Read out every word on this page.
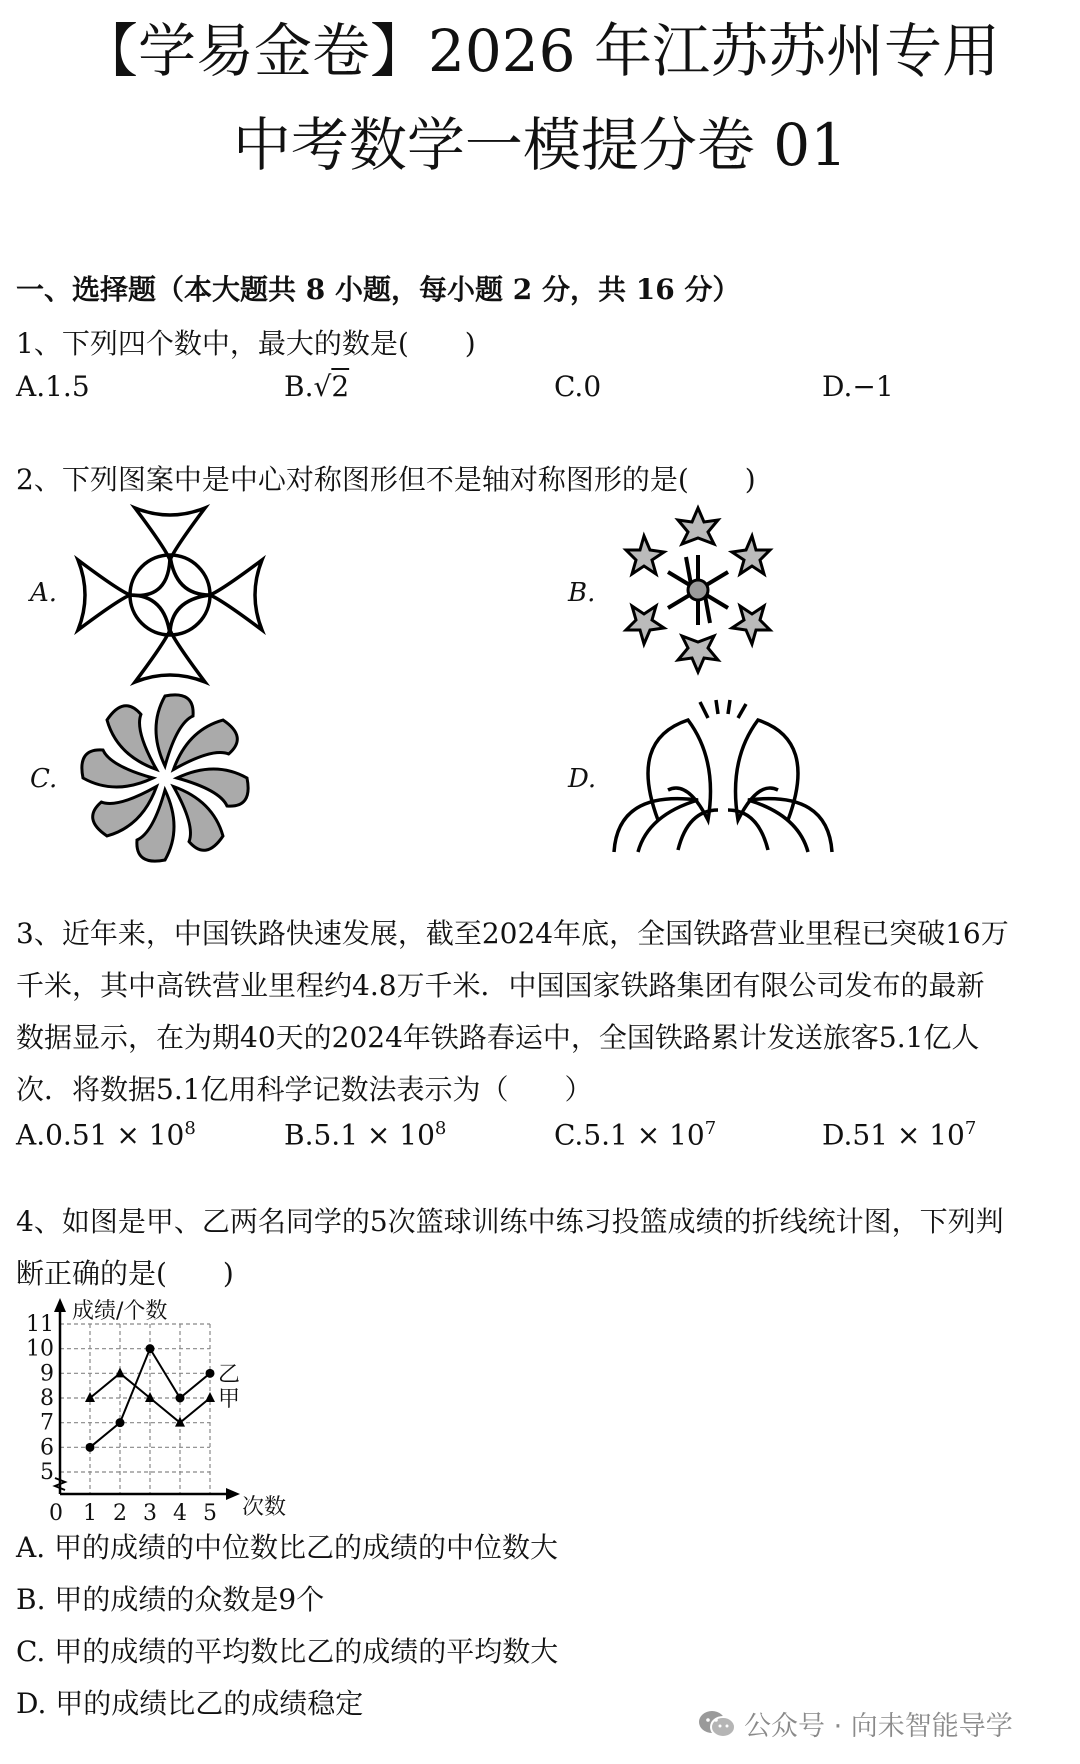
【学易金卷】2026 年江苏苏州专用
中考数学一模提分卷 01
一、选择题（本大题共 8 小题，每小题 2 分，共 16 分）
1、下列四个数中，最大的数是(　　)
A.1.5	B.√2	C.0	D.−1
2、下列图案中是中心对称图形但不是轴对称图形的是(　　)
A.	B.
C.	D.
3、近年来，中国铁路快速发展，截至2024年底，全国铁路营业里程已突破16万
千米，其中高铁营业里程约4.8万千米．中国国家铁路集团有限公司发布的最新
数据显示，在为期40天的2024年铁路春运中，全国铁路累计发送旅客5.1亿人
次．将数据5.1亿用科学记数法表示为（　　）
$A.0.51 \times 10^8$	$B.5.1 \times 10^8$	$C.5.1 \times 10^7$	$D.51 \times 10^7$
4、如图是甲、乙两名同学的5次篮球训练中练习投篮成绩的折线统计图，下列判
断正确的是(　　)
5
6
7
8
9
10
11
0 1 2 3 4 5
乙
甲
成绩/个数
次数
A. 甲的成绩的中位数比乙的成绩的中位数大
B. 甲的成绩的众数是9个
C. 甲的成绩的平均数比乙的成绩的平均数大
D. 甲的成绩比乙的成绩稳定
公众号 · 向未智能导学
